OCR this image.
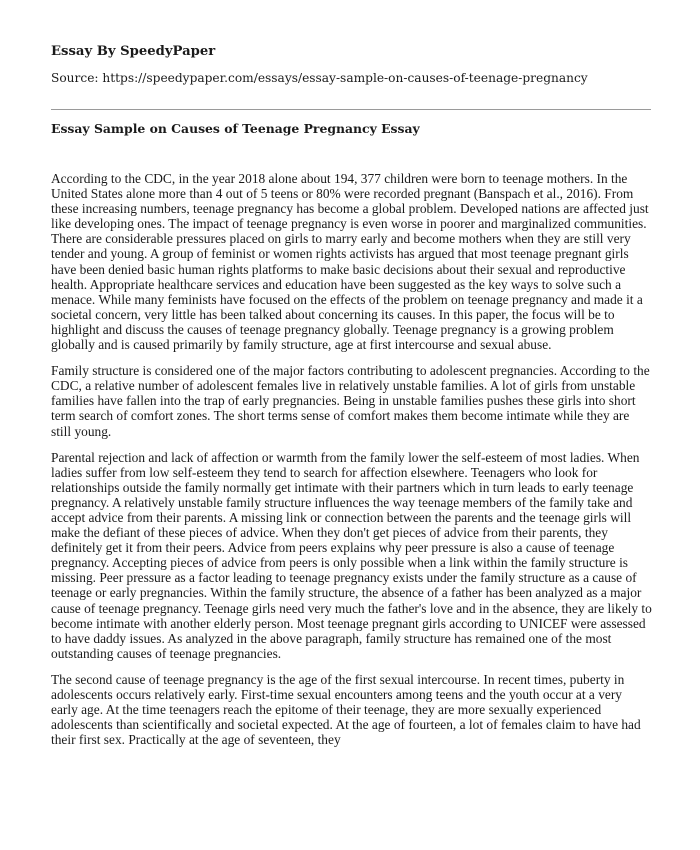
Essay By SpeedyPaper

Source: https://speedypaper.com/essays/essay-sample-on-causes-of-teenage-pregnancy

Essay Sample on Causes of Teenage Pregnancy Essay

According to the CDC, in the year 2018 alone about 194, 377 children were born to teenage mothers. In the United States alone more than 4 out of 5 teens or 80% were recorded pregnant (Banspach et al., 2016). From these increasing numbers, teenage pregnancy has become a global problem. Developed nations are affected just like developing ones. The impact of teenage pregnancy is even worse in poorer and marginalized communities. There are considerable pressures placed on girls to marry early and become mothers when they are still very tender and young. A group of feminist or women rights activists has argued that most teenage pregnant girls have been denied basic human rights platforms to make basic decisions about their sexual and reproductive health. Appropriate healthcare services and education have been suggested as the key ways to solve such a menace. While many feminists have focused on the effects of the problem on teenage pregnancy and made it a societal concern, very little has been talked about concerning its causes. In this paper, the focus will be to highlight and discuss the causes of teenage pregnancy globally. Teenage pregnancy is a growing problem globally and is caused primarily by family structure, age at first intercourse and sexual abuse.

Family structure is considered one of the major factors contributing to adolescent pregnancies. According to the CDC, a relative number of adolescent females live in relatively unstable families. A lot of girls from unstable families have fallen into the trap of early pregnancies. Being in unstable families pushes these girls into short term search of comfort zones. The short terms sense of comfort makes them become intimate while they are still young.

Parental rejection and lack of affection or warmth from the family lower the self-esteem of most ladies. When ladies suffer from low self-esteem they tend to search for affection elsewhere. Teenagers who look for relationships outside the family normally get intimate with their partners which in turn leads to early teenage pregnancy. A relatively unstable family structure influences the way teenage members of the family take and accept advice from their parents. A missing link or connection between the parents and the teenage girls will make the defiant of these pieces of advice. When they don't get pieces of advice from their parents, they definitely get it from their peers. Advice from peers explains why peer pressure is also a cause of teenage pregnancy. Accepting pieces of advice from peers is only possible when a link within the family structure is missing. Peer pressure as a factor leading to teenage pregnancy exists under the family structure as a cause of teenage or early pregnancies. Within the family structure, the absence of a father has been analyzed as a major cause of teenage pregnancy. Teenage girls need very much the father's love and in the absence, they are likely to become intimate with another elderly person. Most teenage pregnant girls according to UNICEF were assessed to have daddy issues. As analyzed in the above paragraph, family structure has remained one of the most outstanding causes of teenage pregnancies.

The second cause of teenage pregnancy is the age of the first sexual intercourse. In recent times, puberty in adolescents occurs relatively early. First-time sexual encounters among teens and the youth occur at a very early age. At the time teenagers reach the epitome of their teenage, they are more sexually experienced adolescents than scientifically and societal expected. At the age of fourteen, a lot of females claim to have had their first sex. Practically at the age of seventeen, they
